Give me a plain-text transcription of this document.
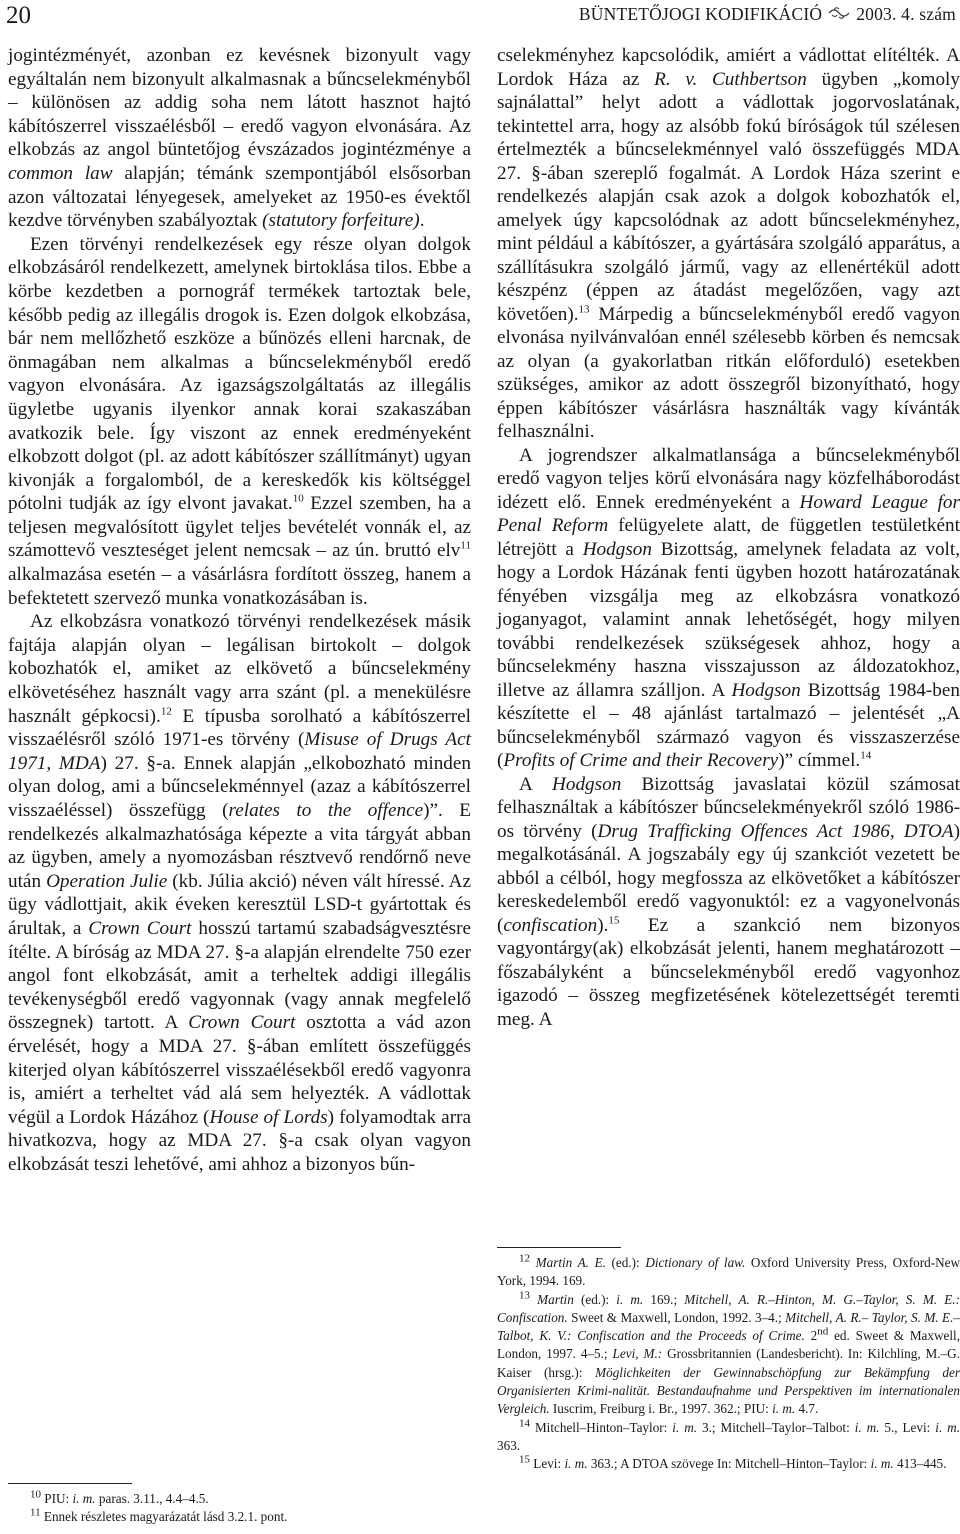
20	BÜNTETŐJOGI KODIFIKÁCIÓ 2003. 4. szám

jogintézményét, azonban ez kevésnek bizonyult vagy egyáltalán nem bizonyult alkalmasnak a bűncselekményből – különösen az addig soha nem látott hasznot hajtó kábítószerrel visszaélésből – eredő vagyon elvonására. Az elkobzás az angol büntetőjog évszázados jogintézménye a common law alapján; témánk szempontjából elsősorban azon változatai lényegesek, amelyeket az 1950-es évektől kezdve törvényben szabályoztak (statutory forfeiture).

Ezen törvényi rendelkezések egy része olyan dolgok elkobzásáról rendelkezett, amelynek birtoklása tilos. Ebbe a körbe kezdetben a pornográf termékek tartoztak bele, később pedig az illegális drogok is. Ezen dolgok elkobzása, bár nem mellőzhető eszköze a bűnözés elleni harcnak, de önmagában nem alkalmas a bűncselekményből eredő vagyon elvonására. Az igazságszolgáltatás az illegális ügyletbe ugyanis ilyenkor annak korai szakaszában avatkozik bele. Így viszont az ennek eredményeként elkobzott dolgot (pl. az adott kábítószer szállítmányt) ugyan kivonják a forgalomból, de a kereskedők kis költséggel pótolni tudják az így elvont javakat.$^{10}$ Ezzel szemben, ha a teljesen megvalósított ügylet teljes bevételét vonnák el, az számottevő veszteséget jelent nemcsak – az ún. bruttó elv$^{11}$ alkalmazása esetén – a vásárlásra fordított összeg, hanem a befektetett szervező munka vonatkozásában is.

Az elkobzásra vonatkozó törvényi rendelkezések másik fajtája alapján olyan – legálisan birtokolt – dolgok kobozhatók el, amiket az elkövető a bűncselekmény elkövetéséhez használt vagy arra szánt (pl. a menekülésre használt gépkocsi).$^{12}$ E típusba sorolható a kábítószerrel visszaélésről szóló 1971-es törvény (Misuse of Drugs Act 1971, MDA) 27. §-a. Ennek alapján „elkobozható minden olyan dolog, ami a bűncselekménnyel (azaz a kábítószerrel visszaéléssel) összefügg (relates to the offence)”. E rendelkezés alkalmazhatósága képezte a vita tárgyát abban az ügyben, amely a nyomozásban résztvevő rendőrnő neve után Operation Julie (kb. Júlia akció) néven vált híressé. Az ügy vádlottjait, akik éveken keresztül LSD-t gyártottak és árultak, a Crown Court hosszú tartamú szabadságvesztésre ítélte. A bíróság az MDA 27. §-a alapján elrendelte 750 ezer angol font elkobzását, amit a terheltek addigi illegális tevékenységből eredő vagyonnak (vagy annak megfelelő összegnek) tartott. A Crown Court osztotta a vád azon érvelését, hogy a MDA 27. §-ában említett összefüggés kiterjed olyan kábítószerrel visszaélésekből eredő vagyonra is, amiért a terheltet vád alá sem helyezték. A vádlottak végül a Lordok Házához (House of Lords) folyamodtak arra hivatkozva, hogy az MDA 27. §-a csak olyan vagyon elkobzását teszi lehetővé, ami ahhoz a bizonyos bűn-

$^{10}$ PIU: i. m. paras. 3.11., 4.4–4.5.

$^{11}$ Ennek részletes magyarázatát lásd 3.2.1. pont.

cselekményhez kapcsolódik, amiért a vádlottat elítélték. A Lordok Háza az R. v. Cuthbertson ügyben „komoly sajnálattal” helyt adott a vádlottak jogorvoslatának, tekintettel arra, hogy az alsóbb fokú bíróságok túl szélesen értelmezték a bűncselekménnyel való összefüggés MDA 27. §-ában szereplő fogalmát. A Lordok Háza szerint e rendelkezés alapján csak azok a dolgok kobozhatók el, amelyek úgy kapcsolódnak az adott bűncselekményhez, mint például a kábítószer, a gyártására szolgáló apparátus, a szállításukra szolgáló jármű, vagy az ellenértékül adott készpénz (éppen az átadást megelőzően, vagy azt követően).$^{13}$ Márpedig a bűncselekményből eredő vagyon elvonása nyilvánvalóan ennél szélesebb körben és nemcsak az olyan (a gyakorlatban ritkán előforduló) esetekben szükséges, amikor az adott összegről bizonyítható, hogy éppen kábítószer vásárlásra használták vagy kívánták felhasználni.

A jogrendszer alkalmatlansága a bűncselekményből eredő vagyon teljes körű elvonására nagy közfelháborodást idézett elő. Ennek eredményeként a Howard League for Penal Reform felügyelete alatt, de független testületként létrejött a Hodgson Bizottság, amelynek feladata az volt, hogy a Lordok Házának fenti ügyben hozott határozatának fényében vizsgálja meg az elkobzásra vonatkozó joganyagot, valamint annak lehetőségét, hogy milyen további rendelkezések szükségesek ahhoz, hogy a bűncselekmény haszna visszajusson az áldozatokhoz, illetve az államra szálljon. A Hodgson Bizottság 1984-ben készítette el – 48 ajánlást tartalmazó – jelentését „A bűncselekményből származó vagyon és visszaszerzése (Profits of Crime and their Recovery)” címmel.$^{14}$

A Hodgson Bizottság javaslatai közül számosat felhasználtak a kábítószer bűncselekményekről szóló 1986-os törvény (Drug Trafficking Offences Act 1986, DTOA) megalkotásánál. A jogszabály egy új szankciót vezetett be abból a célból, hogy megfossza az elkövetőket a kábítószer kereskedelemből eredő vagyonuktól: ez a vagyonelvonás (confiscation).$^{15}$ Ez a szankció nem bizonyos vagyontárgy(ak) elkobzását jelenti, hanem meghatározott – főszabályként a bűncselekményből eredő vagyonhoz igazodó – összeg megfizetésének kötelezettségét teremti meg. A

$^{12}$ Martin A. E. (ed.): Dictionary of law. Oxford University Press, Oxford-New York, 1994. 169.

$^{13}$ Martin (ed.): i. m. 169.; Mitchell, A. R.–Hinton, M. G.–Taylor, S. M. E.: Confiscation. Sweet & Maxwell, London, 1992. 3–4.; Mitchell, A. R.– Taylor, S. M. E.–Talbot, K. V.: Confiscation and the Proceeds of Crime. 2nd ed. Sweet & Maxwell, London, 1997. 4–5.; Levi, M.: Grossbritannien (Landesbericht). In: Kilchling, M.–G. Kaiser (hrsg.): Möglichkeiten der Gewinnabschöpfung zur Bekämpfung der Organisierten Krimi-nalität. Bestandaufnahme und Perspektiven im internationalen Vergleich. Iuscrim, Freiburg i. Br., 1997. 362.; PIU: i. m. 4.7.

$^{14}$ Mitchell–Hinton–Taylor: i. m. 3.; Mitchell–Taylor–Talbot: i. m. 5., Levi: i. m. 363.

$^{15}$ Levi: i. m. 363.; A DTOA szövege In: Mitchell–Hinton–Taylor: i. m. 413–445.
